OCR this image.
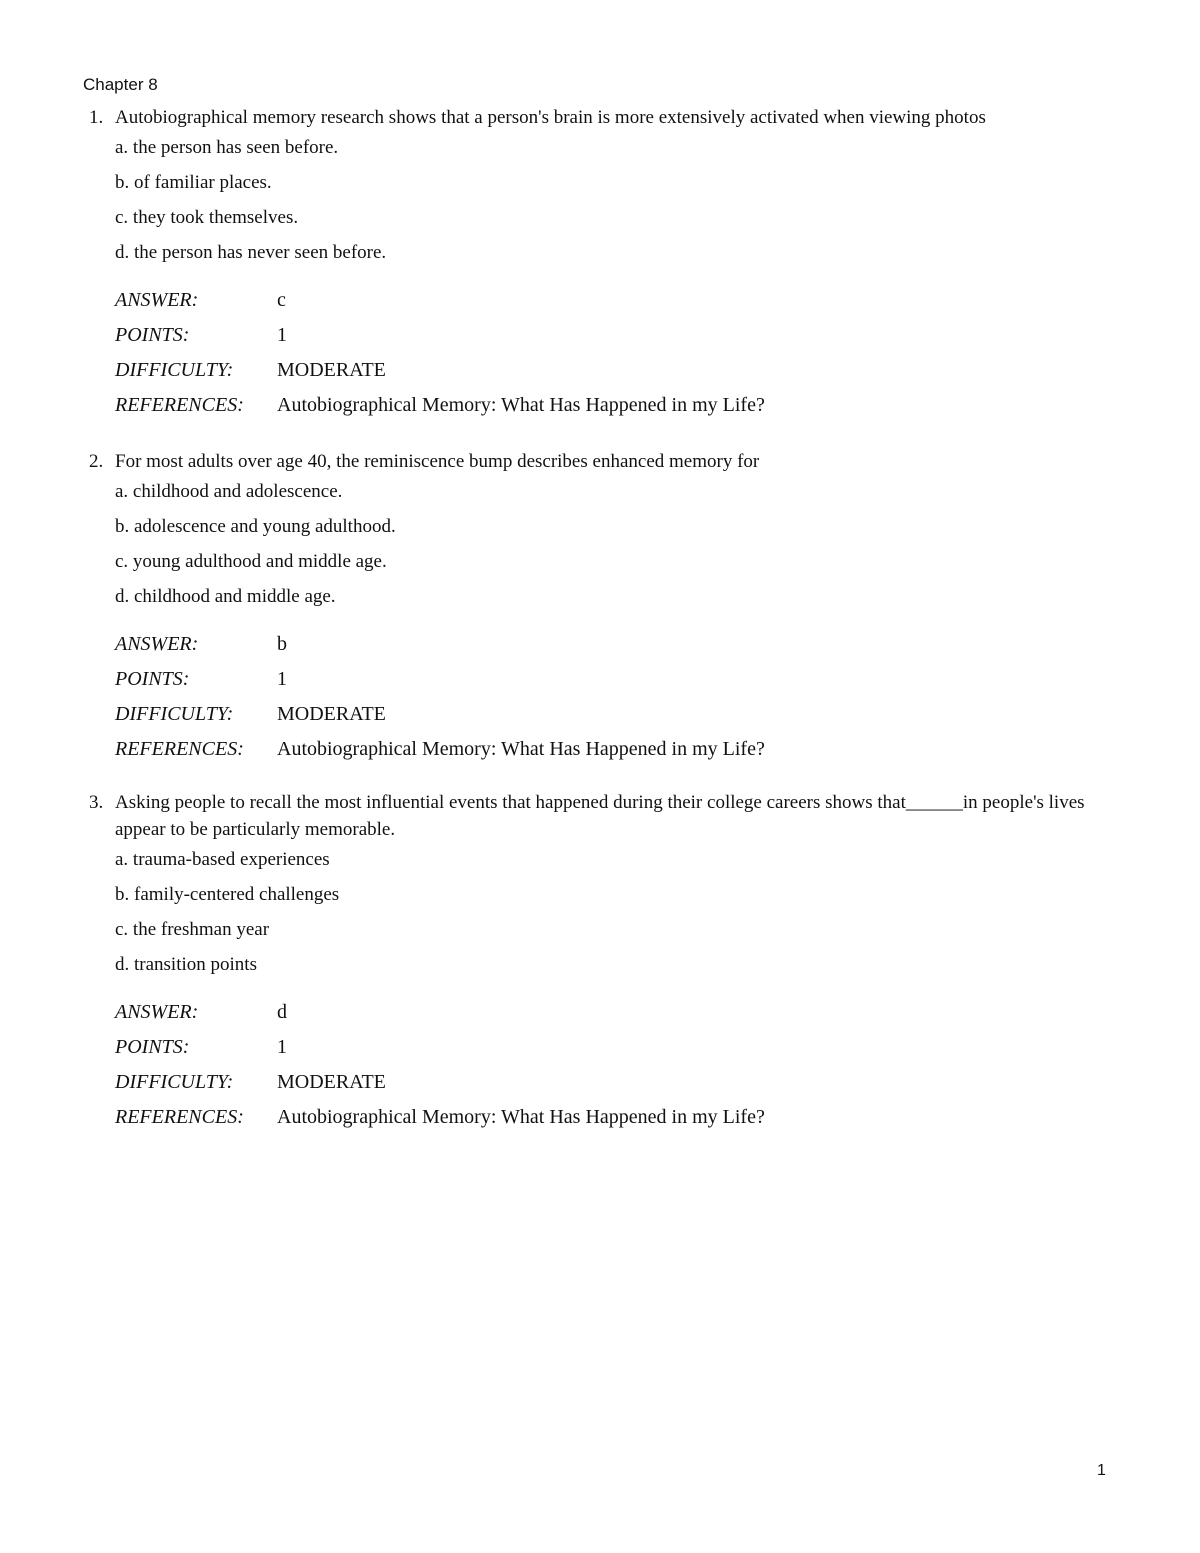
Chapter 8
1. Autobiographical memory research shows that a person's brain is more extensively activated when viewing photos
a. the person has seen before.
b. of familiar places.
c. they took themselves.
d. the person has never seen before.
ANSWER:	c
POINTS:	1
DIFFICULTY:	MODERATE
REFERENCES:	Autobiographical Memory: What Has Happened in my Life?
2. For most adults over age 40, the reminiscence bump describes enhanced memory for
a. childhood and adolescence.
b. adolescence and young adulthood.
c. young adulthood and middle age.
d. childhood and middle age.
ANSWER:	b
POINTS:	1
DIFFICULTY:	MODERATE
REFERENCES:	Autobiographical Memory: What Has Happened in my Life?
3. Asking people to recall the most influential events that happened during their college careers shows that______in people's lives appear to be particularly memorable.
a. trauma-based experiences
b. family-centered challenges
c. the freshman year
d. transition points
ANSWER:	d
POINTS:	1
DIFFICULTY:	MODERATE
REFERENCES:	Autobiographical Memory: What Has Happened in my Life?
1
